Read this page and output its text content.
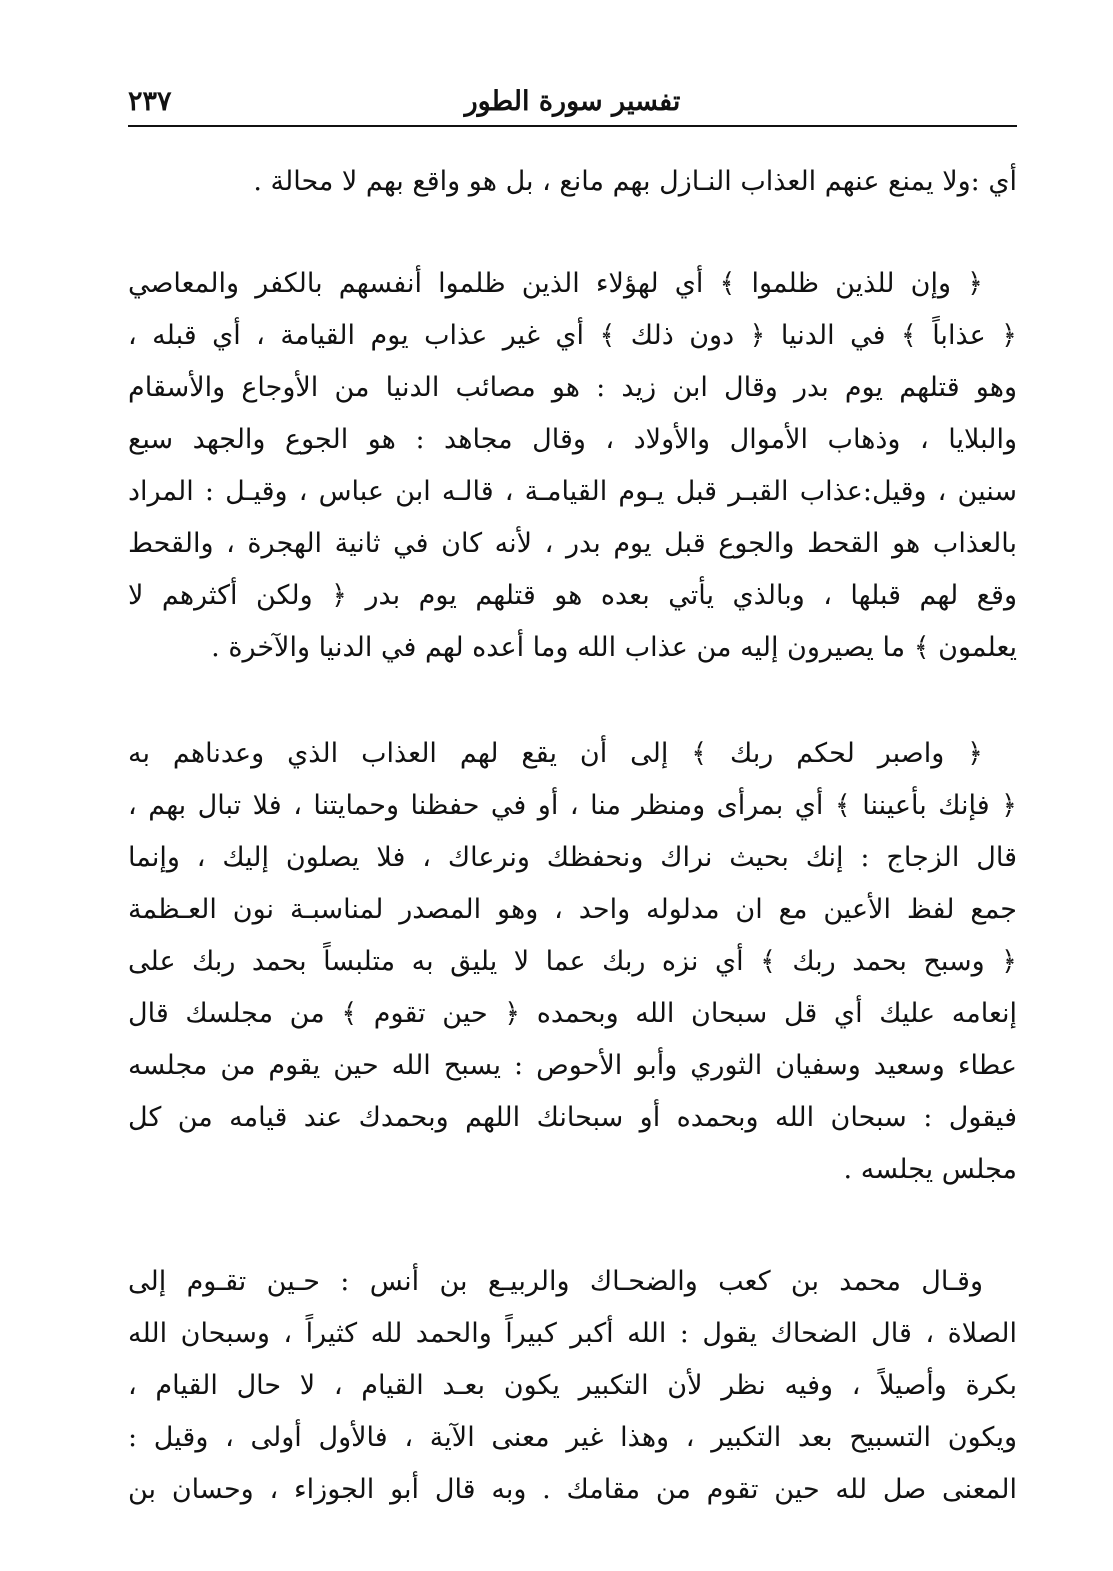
تفسير سورة الطور
٢٣٧
أي :ولا يمنع عنهم العذاب النـازل بهم مانع ، بل هو واقع بهم لا محالة .
﴿ وإن للذين ظلموا ﴾ أي لهؤلاء الذين ظلموا أنفسهم بالكفر والمعاصي
﴿ عذاباً ﴾ في الدنيا ﴿ دون ذلك ﴾ أي غير عذاب يوم القيامة ، أي قبله ،
وهو قتلهم يوم بدر وقال ابن زيد : هو مصائب الدنيا من الأوجاع والأسقام
والبلايا ، وذهاب الأموال والأولاد ، وقال مجاهد : هو الجوع والجهد سبع
سنين ، وقيل:عذاب القبـر قبل يـوم القيامـة ، قالـه ابن عباس ، وقيـل : المراد
بالعذاب هو القحط والجوع قبل يوم بدر ، لأنه كان في ثانية الهجرة ، والقحط
وقع لهم قبلها ، وبالذي يأتي بعده هو قتلهم يوم بدر ﴿ ولكن أكثرهم لا
يعلمون ﴾ ما يصيرون إليه من عذاب الله وما أعده لهم في الدنيا والآخرة .
﴿ واصبر لحكم ربك ﴾ إلى أن يقع لهم العذاب الذي وعدناهم به
﴿ فإنك بأعيننا ﴾ أي بمرأى ومنظر منا ، أو في حفظنا وحمايتنا ، فلا تبال بهم ،
قال الزجاج : إنك بحيث نراك ونحفظك ونرعاك ، فلا يصلون إليك ، وإنما
جمع لفظ الأعين مع ان مدلوله واحد ، وهو المصدر لمناسبـة نون العـظمة
﴿ وسبح بحمد ربك ﴾ أي نزه ربك عما لا يليق به متلبساً بحمد ربك على
إنعامه عليك أي قل سبحان الله وبحمده ﴿ حين تقوم ﴾ من مجلسك قال
عطاء وسعيد وسفيان الثوري وأبو الأحوص : يسبح الله حين يقوم من مجلسه
فيقول : سبحان الله وبحمده أو سبحانك اللهم وبحمدك عند قيامه من كل
مجلس يجلسه .
وقـال محمد بن كعب والضحـاك والربيـع بن أنس : حـين تقـوم إلى
الصلاة ، قال الضحاك يقول : الله أكبر كبيراً والحمد لله كثيراً ، وسبحان الله
بكرة وأصيلاً ، وفيه نظر لأن التكبير يكون بعـد القيام ، لا حال القيام ،
ويكون التسبيح بعد التكبير ، وهذا غير معنى الآية ، فالأول أولى ، وقيل :
المعنى صل لله حين تقوم من مقامك . وبه قال أبو الجوزاء ، وحسان بن
